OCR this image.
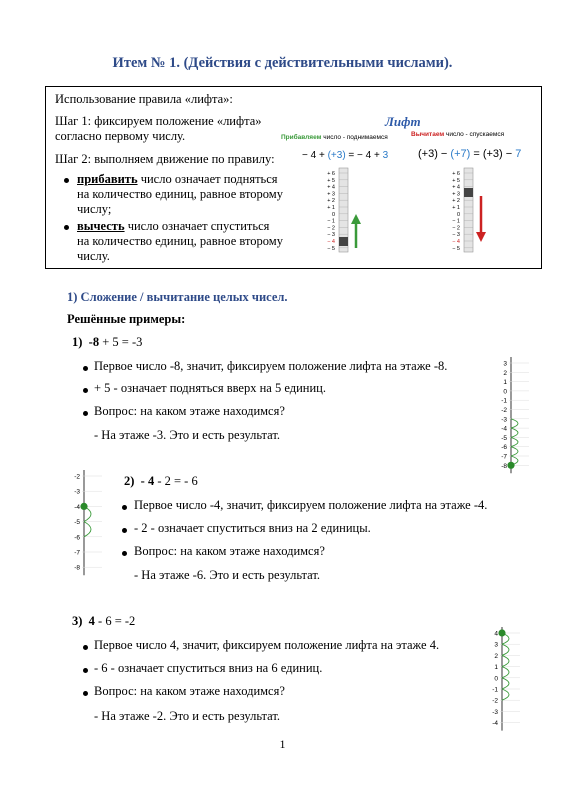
Итем № 1. (Действия с действительными числами).
Использование правила «лифта»:
Шаг 1: фиксируем положение «лифта»
согласно первому числу.
Шаг 2: выполняем движение по правилу:
прибавить число означает подняться
на количество единиц, равное второму
числу;
вычесть число означает спуститься
на количество единиц, равное второму
числу.
Лифт
Прибавляем число - поднимаемся	Вычитаем число - спускаемся
− 4 + (+3) = − 4 + 3	(+3) − (+7) = (+3) − 7
+ 6
+ 5
+ 4
+ 3
+ 2
+ 1
0
− 1
− 2
− 3
− 4
− 5
+ 6
+ 5
+ 4
+ 3
+ 2
+ 1
0
− 1
− 2
− 3
− 4
− 5
1) Сложение / вычитание целых чисел.
Решённые примеры:
1) -8 + 5 = -3
Первое число -8, значит, фиксируем положение лифта на этаже -8.
+ 5 - означает подняться вверх на 5 единиц.
Вопрос: на каком этаже находимся?
- На этаже -3. Это и есть результат.
3
2
1
0
-1
-2
-3
-4
-5
-6
-7
-8
-2
-3
-4
-5
-6
-7
-8
2) - 4 - 2 = - 6
Первое число -4, значит, фиксируем положение лифта на этаже -4.
- 2 - означает спуститься вниз на 2 единицы.
Вопрос: на каком этаже находимся?
- На этаже -6. Это и есть результат.
3) 4 - 6 = -2
Первое число 4, значит, фиксируем положение лифта на этаже 4.
- 6 - означает спуститься вниз на 6 единиц.
Вопрос: на каком этаже находимся?
- На этаже -2. Это и есть результат.
4
3
2
1
0
-1
-2
-3
-4
1
